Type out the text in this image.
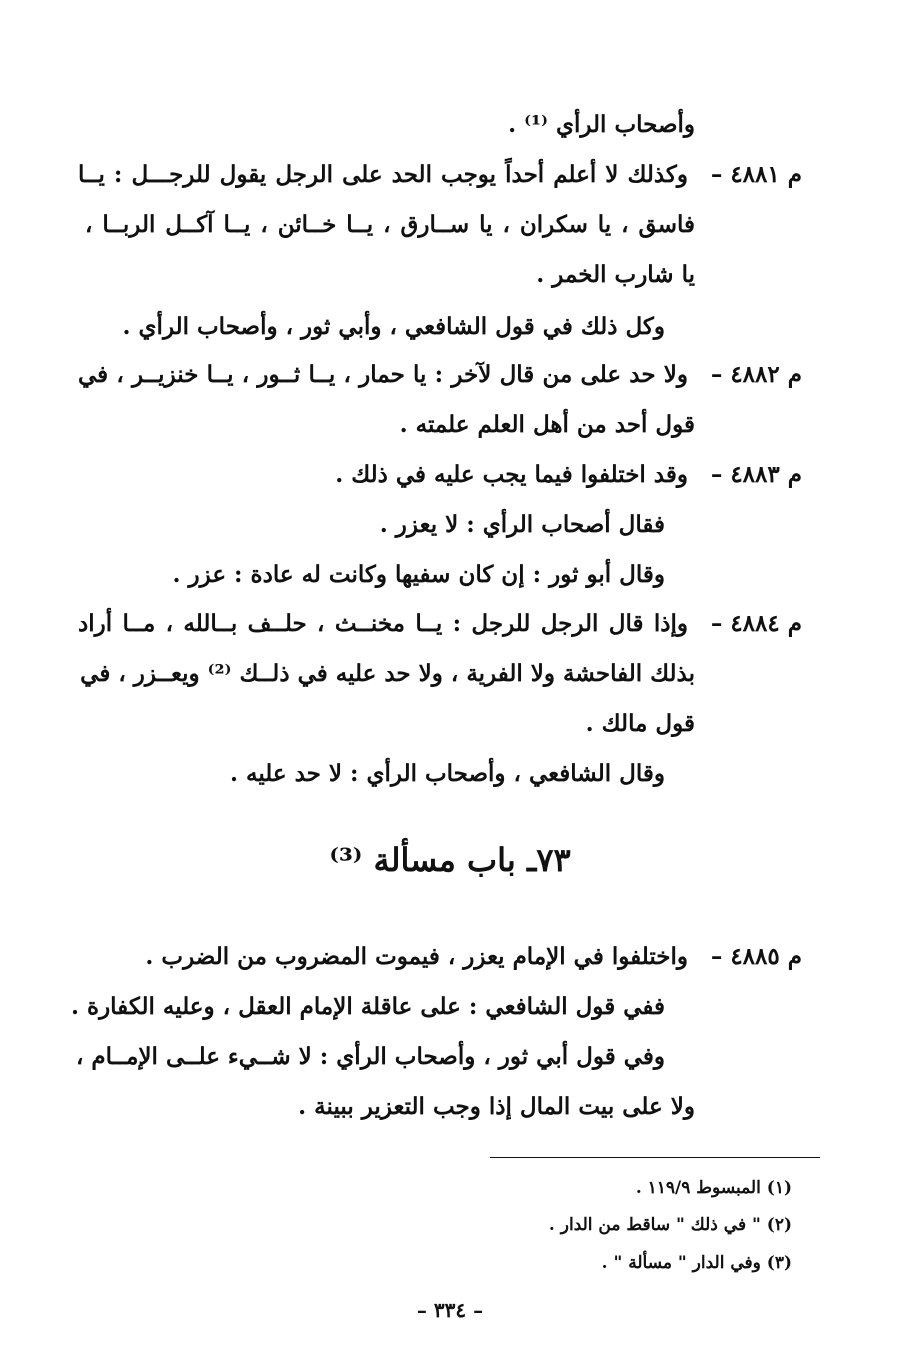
وأصحاب الرأي ⁽¹⁾ .
م ٤٨٨١ –
وكذلك لا أعلم أحداً يوجب الحد على الرجل يقول للرجـــل : يــا
فاسق ، يا سكران ، يا ســارق ، يــا خــائن ، يــا آكــل الربــا ،
يا شارب الخمر .
وكل ذلك في قول الشافعي ، وأبي ثور ، وأصحاب الرأي .
م ٤٨٨٢ –
ولا حد على من قال لآخر : يا حمار ، يــا ثــور ، يــا خنزيــر ، في
قول أحد من أهل العلم علمته .
م ٤٨٨٣ –
وقد اختلفوا فيما يجب عليه في ذلك .
فقال أصحاب الرأي : لا يعزر .
وقال أبو ثور : إن كان سفيها وكانت له عادة : عزر .
م ٤٨٨٤ –
وإذا قال الرجل للرجل : يــا مخنــث ، حلــف بــالله ، مــا أراد
بذلك الفاحشة ولا الفرية ، ولا حد عليه في ذلــك ⁽²⁾ ويعــزر ، في
قول مالك .
وقال الشافعي ، وأصحاب الرأي : لا حد عليه .
٧٣ـ باب مسألة ⁽³⁾
م ٤٨٨٥ –
واختلفوا في الإمام يعزر ، فيموت المضروب من الضرب .
ففي قول الشافعي : على عاقلة الإمام العقل ، وعليه الكفارة .
وفي قول أبي ثور ، وأصحاب الرأي : لا شــيء علــى الإمــام ،
ولا على بيت المال إذا وجب التعزير ببينة .
(١) المبسوط ١١٩/٩ .
(٢) " في ذلك " ساقط من الدار .
(٣) وفي الدار " مسألة " .
– ٣٣٤ –
